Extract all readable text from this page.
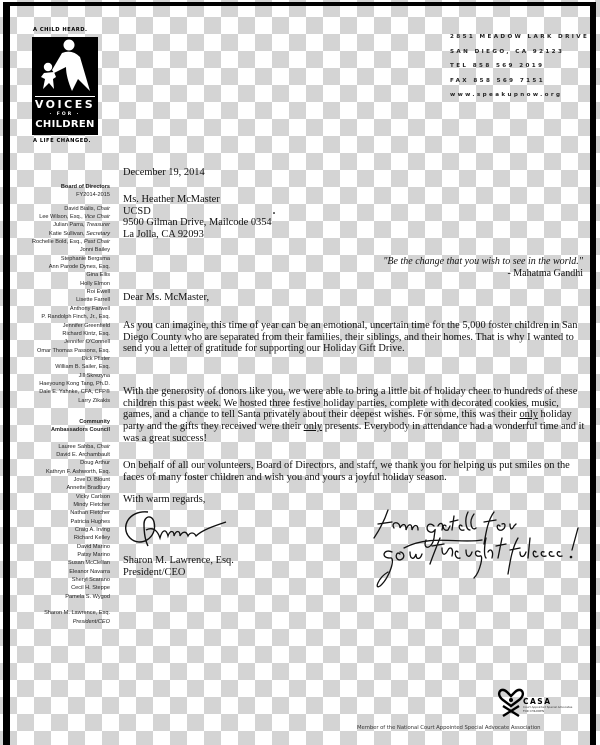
A CHILD HEARD.
VOICES
· FOR ·
CHILDREN
A LIFE CHANGED.
2851 MEADOW LARK DRIVE
SAN DIEGO, CA 92123
TEL 858 569 2019
FAX 858 569 7151
www.speakupnow.org
Board of Directors
FY2014-2015
David Bialis, Chair
Lee Wilson, Esq., Vice Chair
Julian Parra, Treasurer
Katie Sullivan, Secretary
Rochelle Bold, Esq., Past Chair
Jonni Bailey
Stephanie Bergsma
Ann Parode Dynes, Esq.
Gina Ellis
Holly Elmon
Roi Ewell
Lisette Farrell
Anthony Farwell
P. Randolph Finch, Jr., Esq.
Jennifer Greenfield
Richard Kintz, Esq.
Jennifer O'Connell
Omar Thomas Passons, Esq.
Dick Pfister
William B. Sailer, Esq.
Jill Skrezyna
Haeyoung Kong Tang, Ph.D.
Dale E. Yahnke, CFA, CFP®
Larry Zikakis
Community
Ambassadors Council
Lauree Sahba, Chair
David E. Archambault
Doug Arthur
Kathryn F. Ashworth, Esq.
Jove D. Blount
Annette Bradbury
Vicky Carlson
Mindy Fletcher
Nathan Fletcher
Patricia Hughes
Craig A. Irving
Richard Kelley
David Marino
Patsy Marino
Susan McClellan
Eleanor Navarra
Sheryl Scarano
Cecil H. Steppe
Pamela S. Wygod
Sharon M. Lawrence, Esq.
President/CEO
December 19, 2014
Ms. Heather McMaster
UCSD
9500 Gilman Drive, Mailcode 0354
La Jolla, CA 92093
"Be the change that you wish to see in the world."
- Mahatma Gandhi
Dear Ms. McMaster,

As you can imagine, this time of year can be an emotional, uncertain time for the 5,000 foster children in San Diego County who are separated from their families, their siblings, and their homes. That is why I wanted to send you a letter of gratitude for supporting our Holiday Gift Drive.

With the generosity of donors like you, we were able to bring a little bit of holiday cheer to hundreds of these children this past week. We hosted three festive holiday parties, complete with decorated cookies, music, games, and a chance to tell Santa privately about their deepest wishes. For some, this was their only holiday party and the gifts they received were their only presents. Everybody in attendance had a wonderful time and it was a great success!

On behalf of all our volunteers, Board of Directors, and staff, we thank you for helping us put smiles on the faces of many foster children and wish you and yours a joyful holiday season.

With warm regards,
Sharon M. Lawrence, Esq.
President/CEO
CASA
Court Appointed Special Advocates
FOR CHILDREN
Member of the National Court Appointed Special Advocate Association
